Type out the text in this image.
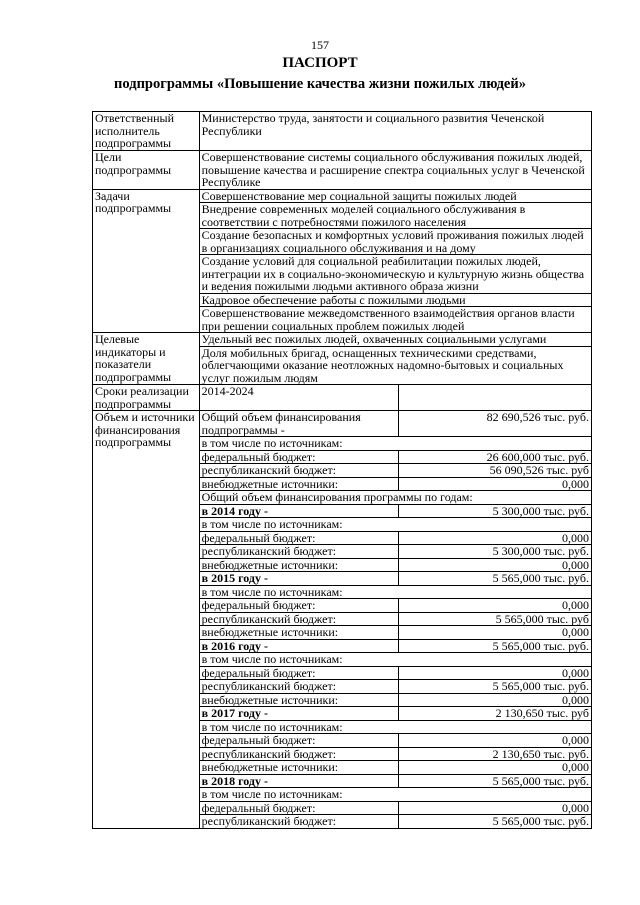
157
ПАСПОРТ
подпрограммы «Повышение качества жизни пожилых людей»
Ответственный исполнитель подпрограммы	Министерство труда, занятости и социального развития Чеченской Республики	
Цели подпрограммы	Совершенствование системы социального обслуживания пожилых людей, повышение качества и расширение спектра социальных услуг в Чеченской Республике	
Задачи подпрограммы	Совершенствование мер социальной защиты пожилых людей	
	Внедрение современных моделей социального обслуживания в соответствии с потребностями пожилого населения	
	Создание безопасных и комфортных условий проживания пожилых людей в организациях социального обслуживания и на дому	
	Создание условий для социальной реабилитации пожилых людей, интеграции их в социально-экономическую и культурную жизнь общества и ведения пожилыми людьми активного образа жизни	
	Кадровое обеспечение работы с пожилыми людьми	
	Совершенствование межведомственного взаимодействия органов власти при решении социальных проблем пожилых людей	
Целевые индикаторы и показатели подпрограммы	Удельный вес пожилых людей, охваченных социальными услугами	
	Доля мобильных бригад, оснащенных техническими средствами, облегчающими оказание неотложных надомно-бытовых и социальных услуг пожилым людям	
Сроки реализации подпрограммы	2014-2024	
Объем и источники финансирования подпрограммы	Общий объем финансирования подпрограммы -	82 690,526 тыс. руб.
	в том числе по источникам:	
	федеральный бюджет:	26 600,000 тыс. руб.
	республиканский бюджет:	56 090,526 тыс. руб
	внебюджетные источники:	0,000
	Общий объем финансирования программы по годам:	
	в 2014 году -	5 300,000 тыс. руб.
	в том числе по источникам:	
	федеральный бюджет:	0,000
	республиканский бюджет:	5 300,000 тыс. руб.
	внебюджетные источники:	0,000
	в 2015 году -	5 565,000 тыс. руб.
	в том числе по источникам:	
	федеральный бюджет:	0,000
	республиканский бюджет:	5 565,000 тыс. руб
	внебюджетные источники:	0,000
	в 2016 году -	5 565,000 тыс. руб.
	в том числе по источникам:	
	федеральный бюджет:	0,000
	республиканский бюджет:	5 565,000 тыс. руб.
	внебюджетные источники:	0,000
	в 2017 году -	2 130,650 тыс. руб
	в том числе по источникам:	
	федеральный бюджет:	0,000
	республиканский бюджет:	2 130,650 тыс. руб.
	внебюджетные источники:	0,000
	в 2018 году -	5 565,000 тыс. руб.
	в том числе по источникам:	
	федеральный бюджет:	0,000
	республиканский бюджет:	5 565,000 тыс. руб.
